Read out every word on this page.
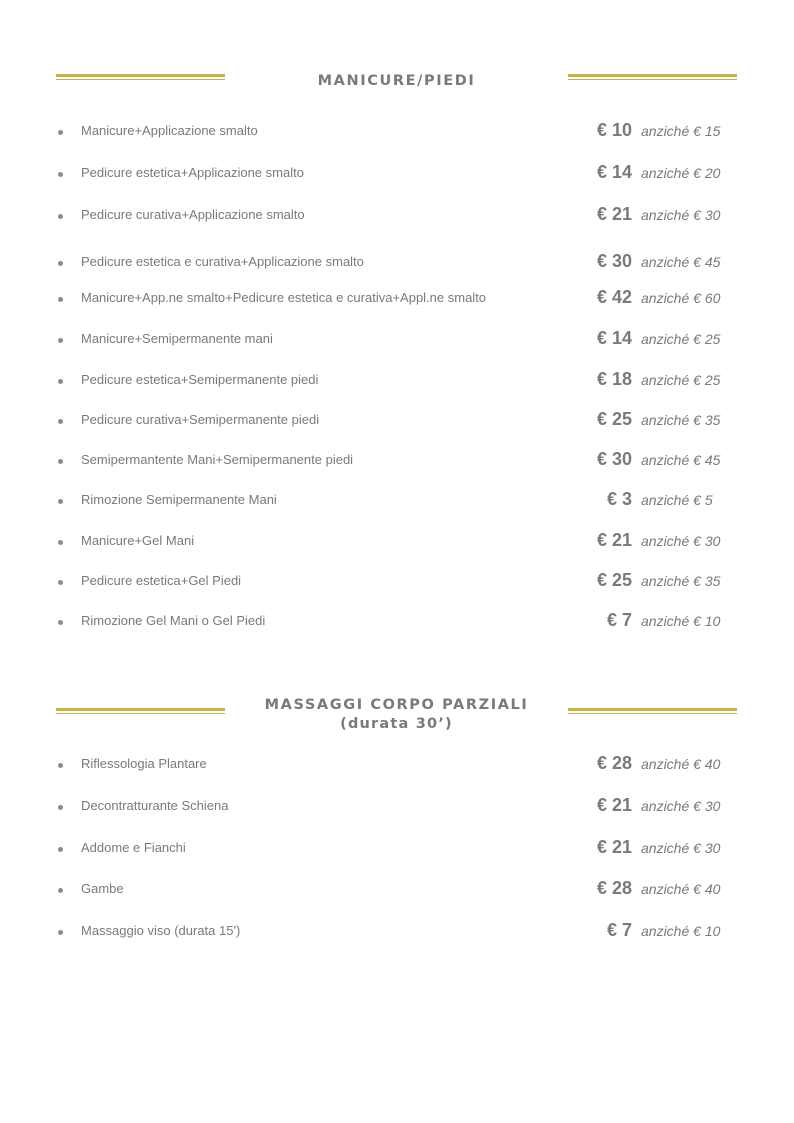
MANICURE/PIEDI
Manicure+Applicazione smalto	€ 10 anziché € 15
Pedicure estetica+Applicazione smalto	€ 14 anziché € 20
Pedicure curativa+Applicazione smalto	€ 21 anziché € 30
Pedicure estetica e curativa+Applicazione smalto	€ 30 anziché € 45
Manicure+App.ne smalto+Pedicure estetica e curativa+Appl.ne smalto	€ 42 anziché € 60
Manicure+Semipermanente mani	€ 14 anziché € 25
Pedicure estetica+Semipermanente piedi	€ 18 anziché € 25
Pedicure curativa+Semipermanente piedi	€ 25 anziché € 35
Semipermantente Mani+Semipermanente piedi	€ 30 anziché € 45
Rimozione Semipermanente Mani	€ 3 anziché € 5
Manicure+Gel Mani	€ 21 anziché € 30
Pedicure estetica+Gel Piedi	€ 25 anziché € 35
Rimozione Gel Mani o Gel Piedi	€ 7 anziché € 10
MASSAGGI CORPO PARZIALI
(durata 30’)
Riflessologia Plantare	€ 28 anziché € 40
Decontratturante Schiena	€ 21 anziché € 30
Addome e Fianchi	€ 21 anziché € 30
Gambe	€ 28 anziché € 40
Massaggio viso (durata 15')	€ 7 anziché € 10
